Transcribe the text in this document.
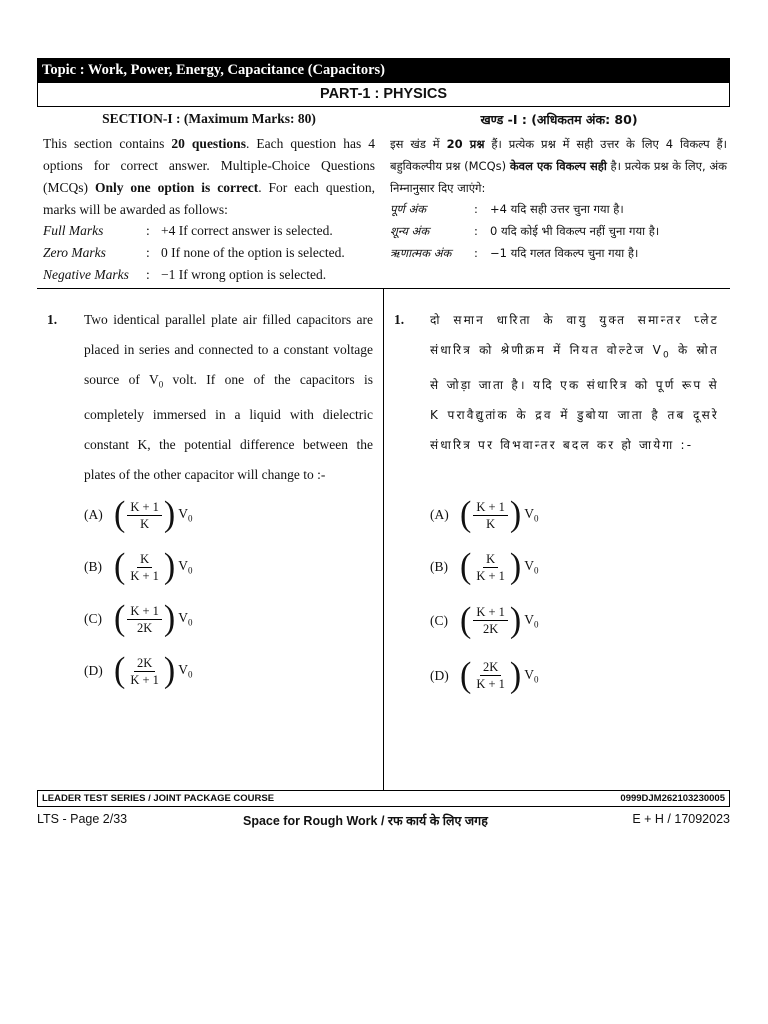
Topic : Work, Power, Energy, Capacitance (Capacitors)
PART-1 : PHYSICS
SECTION-I : (Maximum Marks: 80)
This section contains 20 questions. Each question has 4 options for correct answer. Multiple-Choice Questions (MCQs) Only one option is correct. For each question, marks will be awarded as follows:
Full Marks	: +4 If correct answer is selected.
Zero Marks	: 0 If none of the option is selected.
Negative Marks	: −1 If wrong option is selected.
खण्ड -I : (अधिकतम अंक: 80)
इस खंड में 20 प्रश्न हैं। प्रत्येक प्रश्न में सही उत्तर के लिए 4 विकल्प हैं। बहुविकल्पीय प्रश्न (MCQs) केवल एक विकल्प सही है। प्रत्येक प्रश्न के लिए, अंक निम्नानुसार दिए जाएंगे:
पूर्ण अंक	:	+4 यदि सही उत्तर चुना गया है।
शून्य अंक	:	0 यदि कोई भी विकल्प नहीं चुना गया है।
ऋणात्मक अंक	:	−1 यदि गलत विकल्प चुना गया है।
1. Two identical parallel plate air filled capacitors are placed in series and connected to a constant voltage source of $V_0$ volt. If one of the capacitors is completely immersed in a liquid with dielectric constant K, the potential difference between the plates of the other capacitor will change to :-
(A) ( $\frac{K + 1}{K}$ ) $V_0$
(B) ( $\frac{K}{K + 1}$ ) $V_0$
(C) ( $\frac{K + 1}{2K}$ ) $V_0$
(D) ( $\frac{2K}{K + 1}$ ) $V_0$
1. दो समान धारिता के वायु युक्त समान्तर प्लेट संधारित्र को श्रेणीक्रम में नियत वोल्टेज $V_0$ के स्रोत से जोड़ा जाता है। यदि एक संधारित्र को पूर्ण रूप से K परावैद्युतांक के द्रव में डुबोया जाता है तब दूसरे संधारित्र पर विभवान्तर बदल कर हो जायेगा :-
(A) ( $\frac{K + 1}{K}$ ) $V_0$
(B) ( $\frac{K}{K + 1}$ ) $V_0$
(C) ( $\frac{K + 1}{2K}$ ) $V_0$
(D) ( $\frac{2K}{K + 1}$ ) $V_0$
LEADER TEST SERIES / JOINT PACKAGE COURSE	0999DJM262103230005
LTS - Page 2/33	Space for Rough Work / रफ कार्य के लिए जगह	E + H / 17092023
